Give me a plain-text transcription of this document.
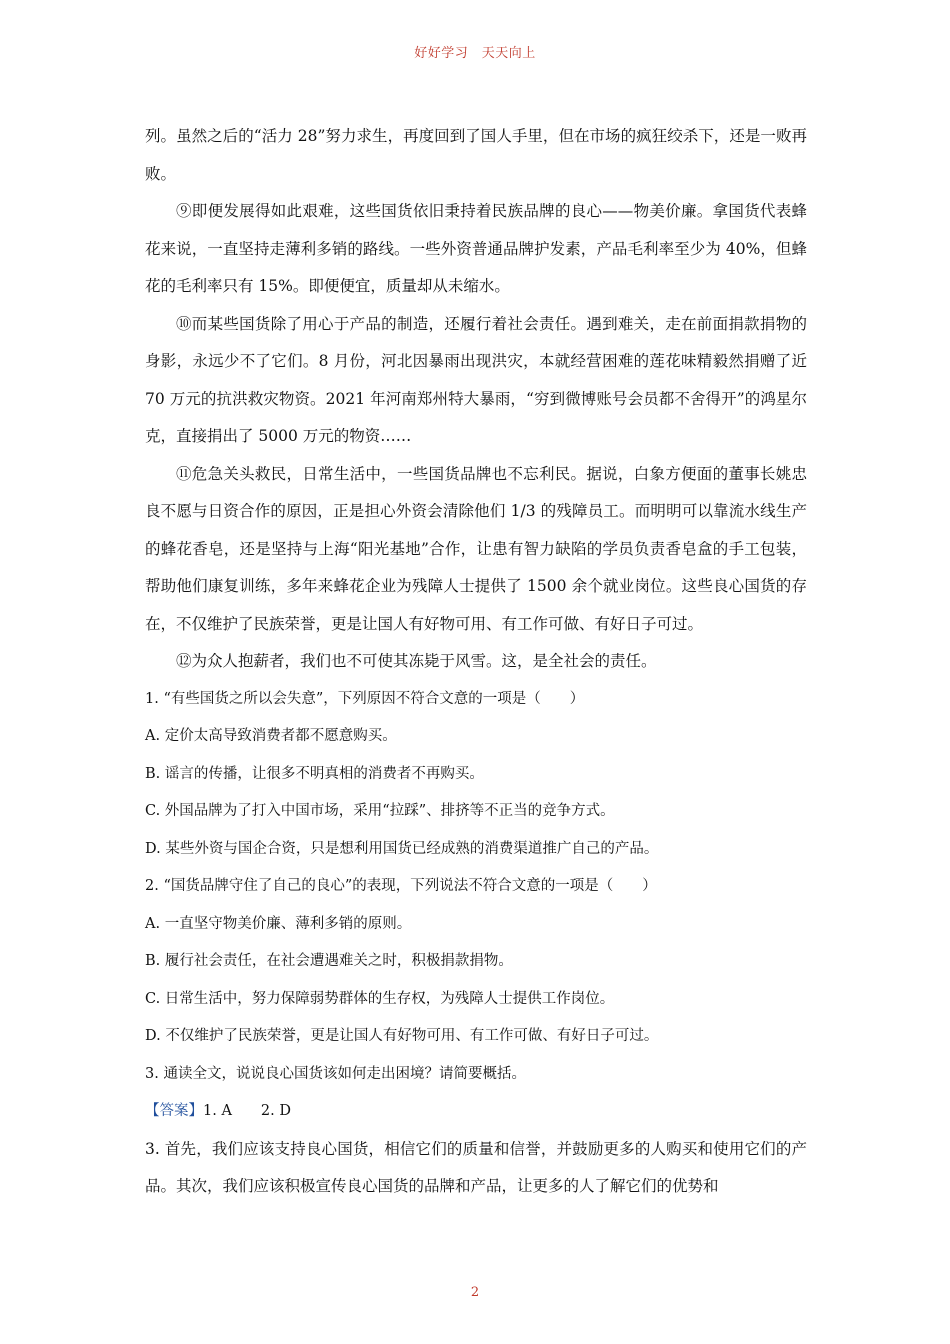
好好学习　天天向上

列。虽然之后的“活力 28”努力求生，再度回到了国人手里，但在市场的疯狂绞杀下，还是一败再败。

⑨即便发展得如此艰难，这些国货依旧秉持着民族品牌的良心——物美价廉。拿国货代表蜂花来说，一直坚持走薄利多销的路线。一些外资普通品牌护发素，产品毛利率至少为 40%，但蜂花的毛利率只有 15%。即便便宜，质量却从未缩水。

⑩而某些国货除了用心于产品的制造，还履行着社会责任。遇到难关，走在前面捐款捐物的身影，永远少不了它们。8 月份，河北因暴雨出现洪灾，本就经营困难的莲花味精毅然捐赠了近 70 万元的抗洪救灾物资。2021 年河南郑州特大暴雨，“穷到微博账号会员都不舍得开”的鸿星尔克，直接捐出了 5000 万元的物资……

⑪危急关头救民，日常生活中，一些国货品牌也不忘利民。据说，白象方便面的董事长姚忠良不愿与日资合作的原因，正是担心外资会清除他们 1/3 的残障员工。而明明可以靠流水线生产的蜂花香皂，还是坚持与上海“阳光基地”合作，让患有智力缺陷的学员负责香皂盒的手工包装，帮助他们康复训练，多年来蜂花企业为残障人士提供了 1500 余个就业岗位。这些良心国货的存在，不仅维护了民族荣誉，更是让国人有好物可用、有工作可做、有好日子可过。

⑫为众人抱薪者，我们也不可使其冻毙于风雪。这，是全社会的责任。

1. “有些国货之所以会失意”，下列原因不符合文意的一项是（　　）

A. 定价太高导致消费者都不愿意购买。

B. 谣言的传播，让很多不明真相的消费者不再购买。

C. 外国品牌为了打入中国市场，采用“拉踩”、排挤等不正当的竞争方式。

D. 某些外资与国企合资，只是想利用国货已经成熟的消费渠道推广自己的产品。

2. “国货品牌守住了自己的良心”的表现，下列说法不符合文意的一项是（　　）

A. 一直坚守物美价廉、薄利多销的原则。

B. 履行社会责任，在社会遭遇难关之时，积极捐款捐物。

C. 日常生活中，努力保障弱势群体的生存权，为残障人士提供工作岗位。

D. 不仅维护了民族荣誉，更是让国人有好物可用、有工作可做、有好日子可过。

3. 通读全文，说说良心国货该如何走出困境？请简要概括。

【答案】1. A　　2. D

3. 首先，我们应该支持良心国货，相信它们的质量和信誉，并鼓励更多的人购买和使用它们的产品。其次，我们应该积极宣传良心国货的品牌和产品，让更多的人了解它们的优势和

2
